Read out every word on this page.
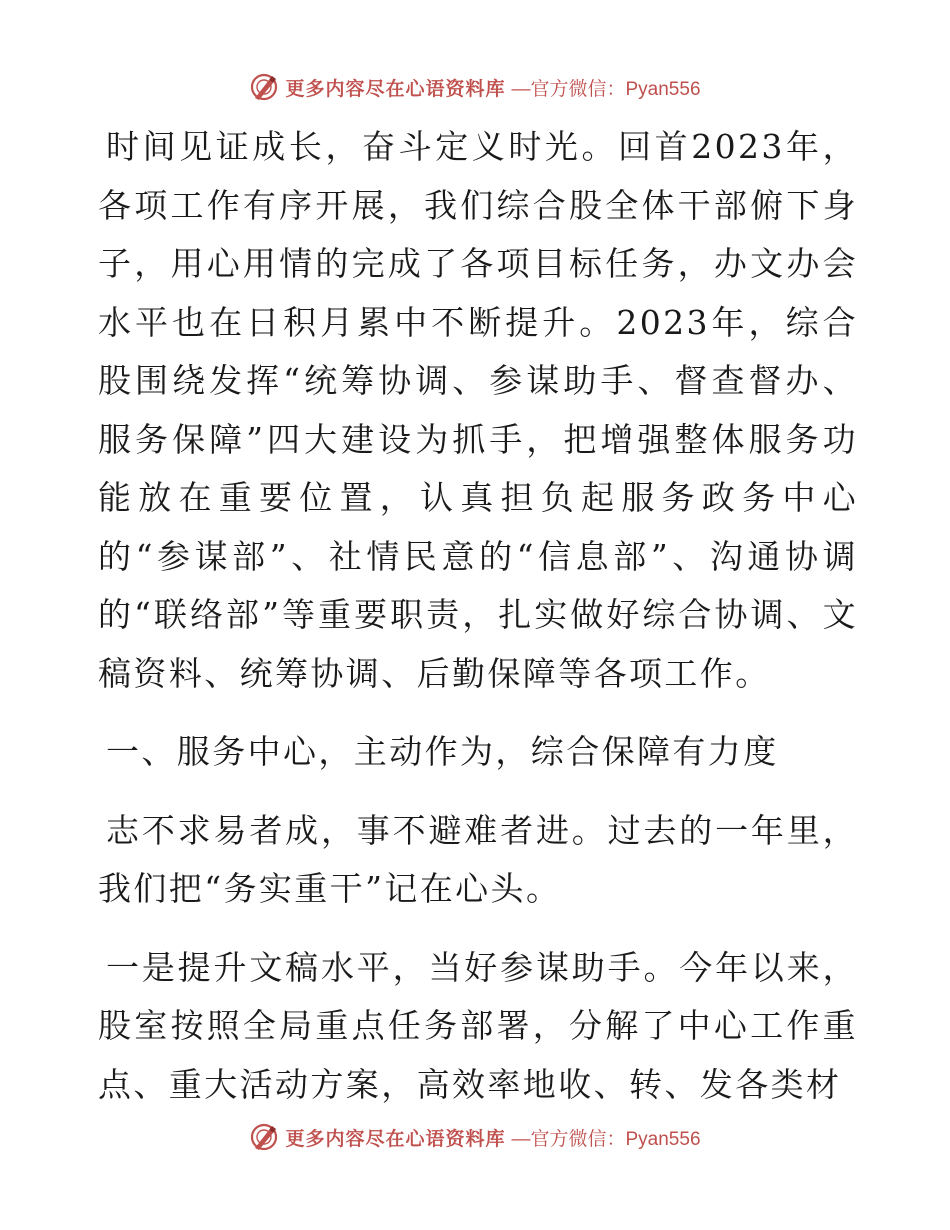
更多内容尽在心语资料库 —官方微信：Pyan556

时间见证成长，奋斗定义时光。回首2023年，各项工作有序开展，我们综合股全体干部俯下身子，用心用情的完成了各项目标任务，办文办会水平也在日积月累中不断提升。2023年，综合股围绕发挥“统筹协调、参谋助手、督查督办、服务保障”四大建设为抓手，把增强整体服务功能放在重要位置，认真担负起服务政务中心的“参谋部”、社情民意的“信息部”、沟通协调的“联络部”等重要职责，扎实做好综合协调、文稿资料、统筹协调、后勤保障等各项工作。

一、服务中心，主动作为，综合保障有力度

志不求易者成，事不避难者进。过去的一年里，我们把“务实重干”记在心头。

一是提升文稿水平，当好参谋助手。今年以来，股室按照全局重点任务部署，分解了中心工作重点、重大活动方案，高效率地收、转、发各类材

更多内容尽在心语资料库 —官方微信：Pyan556
